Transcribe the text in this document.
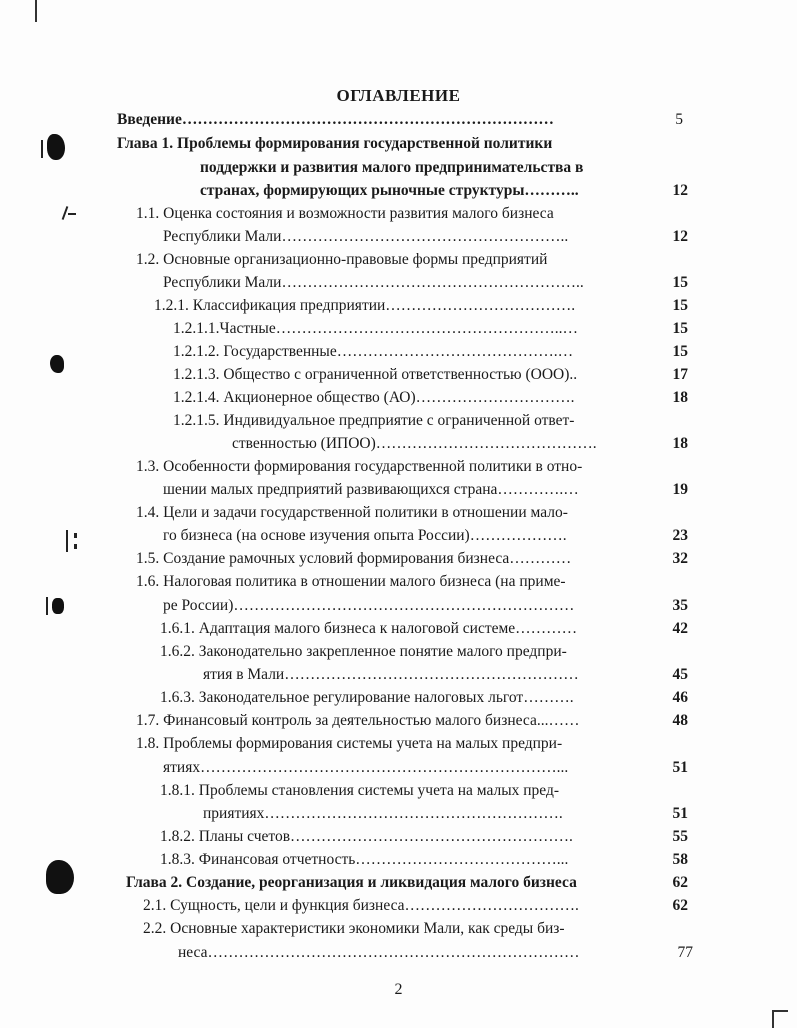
ОГЛАВЛЕНИЕ
Введение………………………………………………………………	5
Глава 1. Проблемы формирования государственной политики
поддержки и развития малого предпринимательства в
странах, формирующих рыночные структуры………..	12
1.1. Оценка состояния и возможности развития малого бизнеса
Республики Мали………………………………………………..	12
1.2. Основные организационно-правовые формы предприятий
Республики Мали…………………………………………………..	15
1.2.1. Классификация предприятии……………………………….	15
1.2.1.1.Частные………………………………………………..…	15
1.2.1.2. Государственные…………………………………….…	15
1.2.1.3. Общество с ограниченной ответственностью (ООО)..	17
1.2.1.4. Акционерное общество (АО)………………………….	18
1.2.1.5. Индивидуальное предприятие с ограниченной ответ-
ственностью (ИПОО)…………………………………….	18
1.3. Особенности формирования государственной политики в отно-
шении малых предприятий развивающихся страна………….…	19
1.4. Цели и задачи государственной политики в отношении мало-
го бизнеса (на основе изучения опыта России)……………….	23
1.5. Создание рамочных условий формирования бизнеса…………	32
1.6. Налоговая политика в отношении малого бизнеса (на приме-
ре России)…………………………………………………………	35
1.6.1. Адаптация малого бизнеса к налоговой системе…………	42
1.6.2. Законодательно закрепленное понятие малого предпри-
ятия в Мали…………………………………………………	45
1.6.3. Законодательное регулирование налоговых льгот……….	46
1.7. Финансовый контроль за деятельностью малого бизнеса...……	48
1.8. Проблемы формирования системы учета на малых предпри-
ятиях……………………………………………………………...	51
1.8.1. Проблемы становления системы учета на малых пред-
приятиях………………………………………………….	51
1.8.2. Планы счетов……………………………………………….	55
1.8.3. Финансовая отчетность…………………………………...	58
Глава 2. Создание, реорганизация и ликвидация малого бизнеса	62
2.1. Сущность, цели и функция бизнеса…………………………….	62
2.2. Основные характеристики экономики Мали, как среды биз-
неса………………………………………………………………	77
2
